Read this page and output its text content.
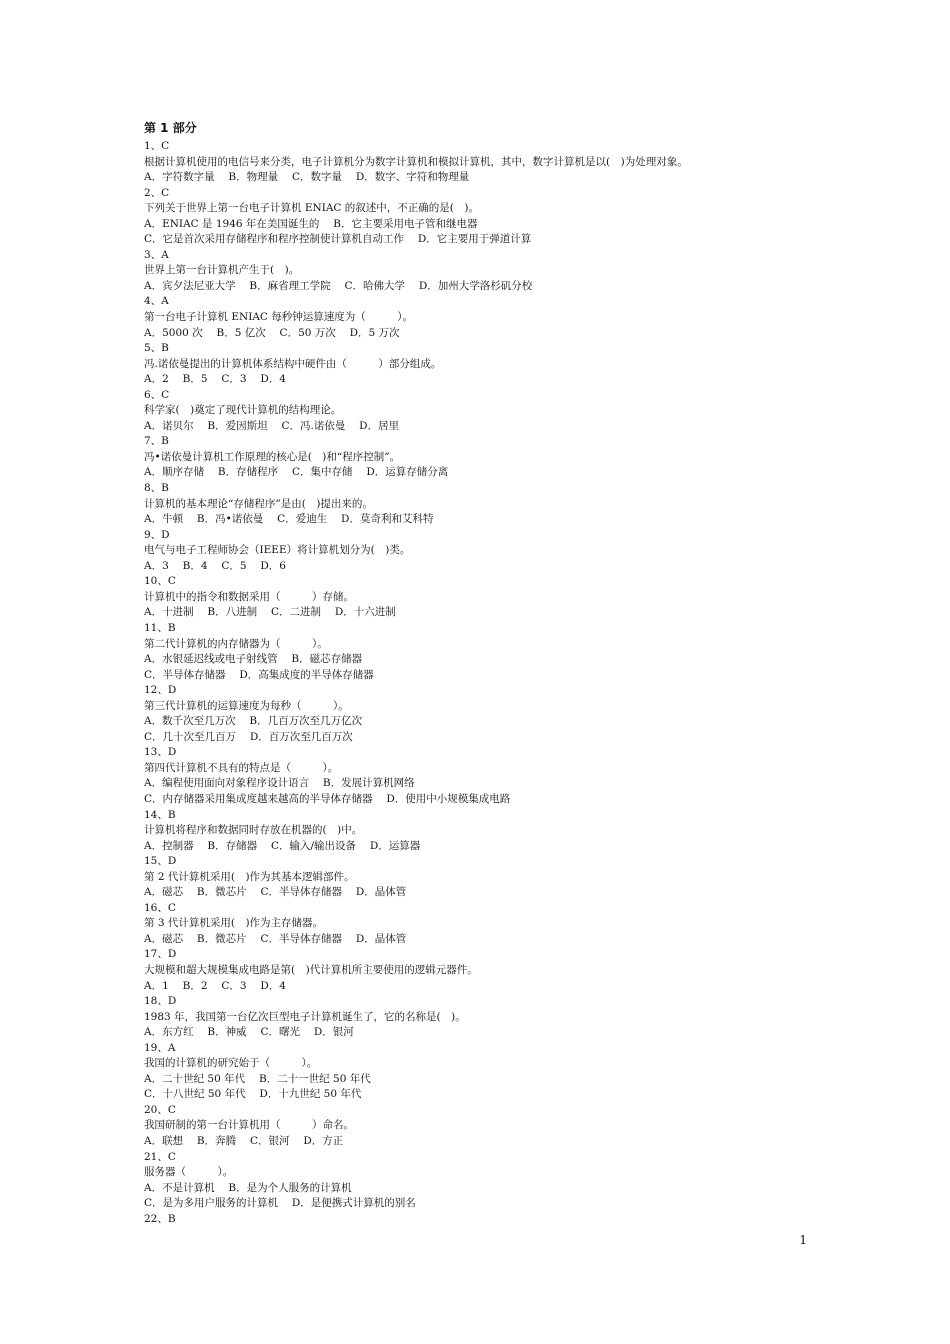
第 1 部分
1、C
根据计算机使用的电信号来分类，电子计算机分为数字计算机和模拟计算机，其中，数字计算机是以(　)为处理对象。
A．字符数字量　 B．物理量　 C．数字量　 D．数字、字符和物理量
2、C
下列关于世界上第一台电子计算机 ENIAC 的叙述中，不正确的是(　)。
A．ENIAC 是 1946 年在美国诞生的　 B．它主要采用电子管和继电器
C．它是首次采用存储程序和程序控制使计算机自动工作　 D．它主要用于弹道计算
3、A
世界上第一台计算机产生于(　)。
A．宾夕法尼亚大学　 B．麻省理工学院　 C．哈佛大学　 D．加州大学洛杉矶分校
4、A
第一台电子计算机 ENIAC 每秒钟运算速度为（　　　）。
A．5000 次　 B．5 亿次　 C．50 万次　 D．5 万次
5、B
冯.诺依曼提出的计算机体系结构中硬件由（　　　）部分组成。
A．2　 B．5　 C．3　 D．4
6、C
科学家(　)奠定了现代计算机的结构理论。
A．诺贝尔　 B．爱因斯坦　 C．冯.诺依曼　 D．居里
7、B
冯•诺依曼计算机工作原理的核心是(　)和“程序控制”。
A．顺序存储　 B．存储程序　 C．集中存储　 D．运算存储分离
8、B
计算机的基本理论“存储程序”是由(　)提出来的。
A．牛顿　 B．冯•诺依曼　 C．爱迪生　 D．莫奇利和艾科特
9、D
电气与电子工程师协会（IEEE）将计算机划分为(　)类。
A．3　 B．4　 C．5　 D．6
10、C
计算机中的指令和数据采用（　　　）存储。
A．十进制　 B．八进制　 C．二进制　 D．十六进制
11、B
第二代计算机的内存储器为（　　　）。
A．水银延迟线或电子射线管　 B．磁芯存储器
C．半导体存储器　 D．高集成度的半导体存储器
12、D
第三代计算机的运算速度为每秒（　　　）。
A．数千次至几万次　 B．几百万次至几万亿次
C．几十次至几百万　 D．百万次至几百万次
13、D
第四代计算机不具有的特点是（　　　）。
A．编程使用面向对象程序设计语言　 B．发展计算机网络
C．内存储器采用集成度越来越高的半导体存储器　 D．使用中小规模集成电路
14、B
计算机将程序和数据同时存放在机器的(　)中。
A．控制器　 B．存储器　 C．输入/输出设备　 D．运算器
15、D
第 2 代计算机采用(　)作为其基本逻辑部件。
A．磁芯　 B．微芯片　 C．半导体存储器　 D．晶体管
16、C
第 3 代计算机采用(　)作为主存储器。
A．磁芯　 B．微芯片　 C．半导体存储器　 D．晶体管
17、D
大规模和超大规模集成电路是第(　)代计算机所主要使用的逻辑元器件。
A．1　 B．2　 C．3　 D．4
18、D
1983 年，我国第一台亿次巨型电子计算机诞生了，它的名称是(　)。
A．东方红　 B．神威　 C．曙光　 D．银河
19、A
我国的计算机的研究始于（　　　）。
A．二十世纪 50 年代　 B．二十一世纪 50 年代
C．十八世纪 50 年代　 D．十九世纪 50 年代
20、C
我国研制的第一台计算机用（　　　）命名。
A．联想　 B．奔腾　 C．银河　 D．方正
21、C
服务器（　　　）。
A．不是计算机　 B．是为个人服务的计算机
C．是为多用户服务的计算机　 D．是便携式计算机的别名
22、B
1
